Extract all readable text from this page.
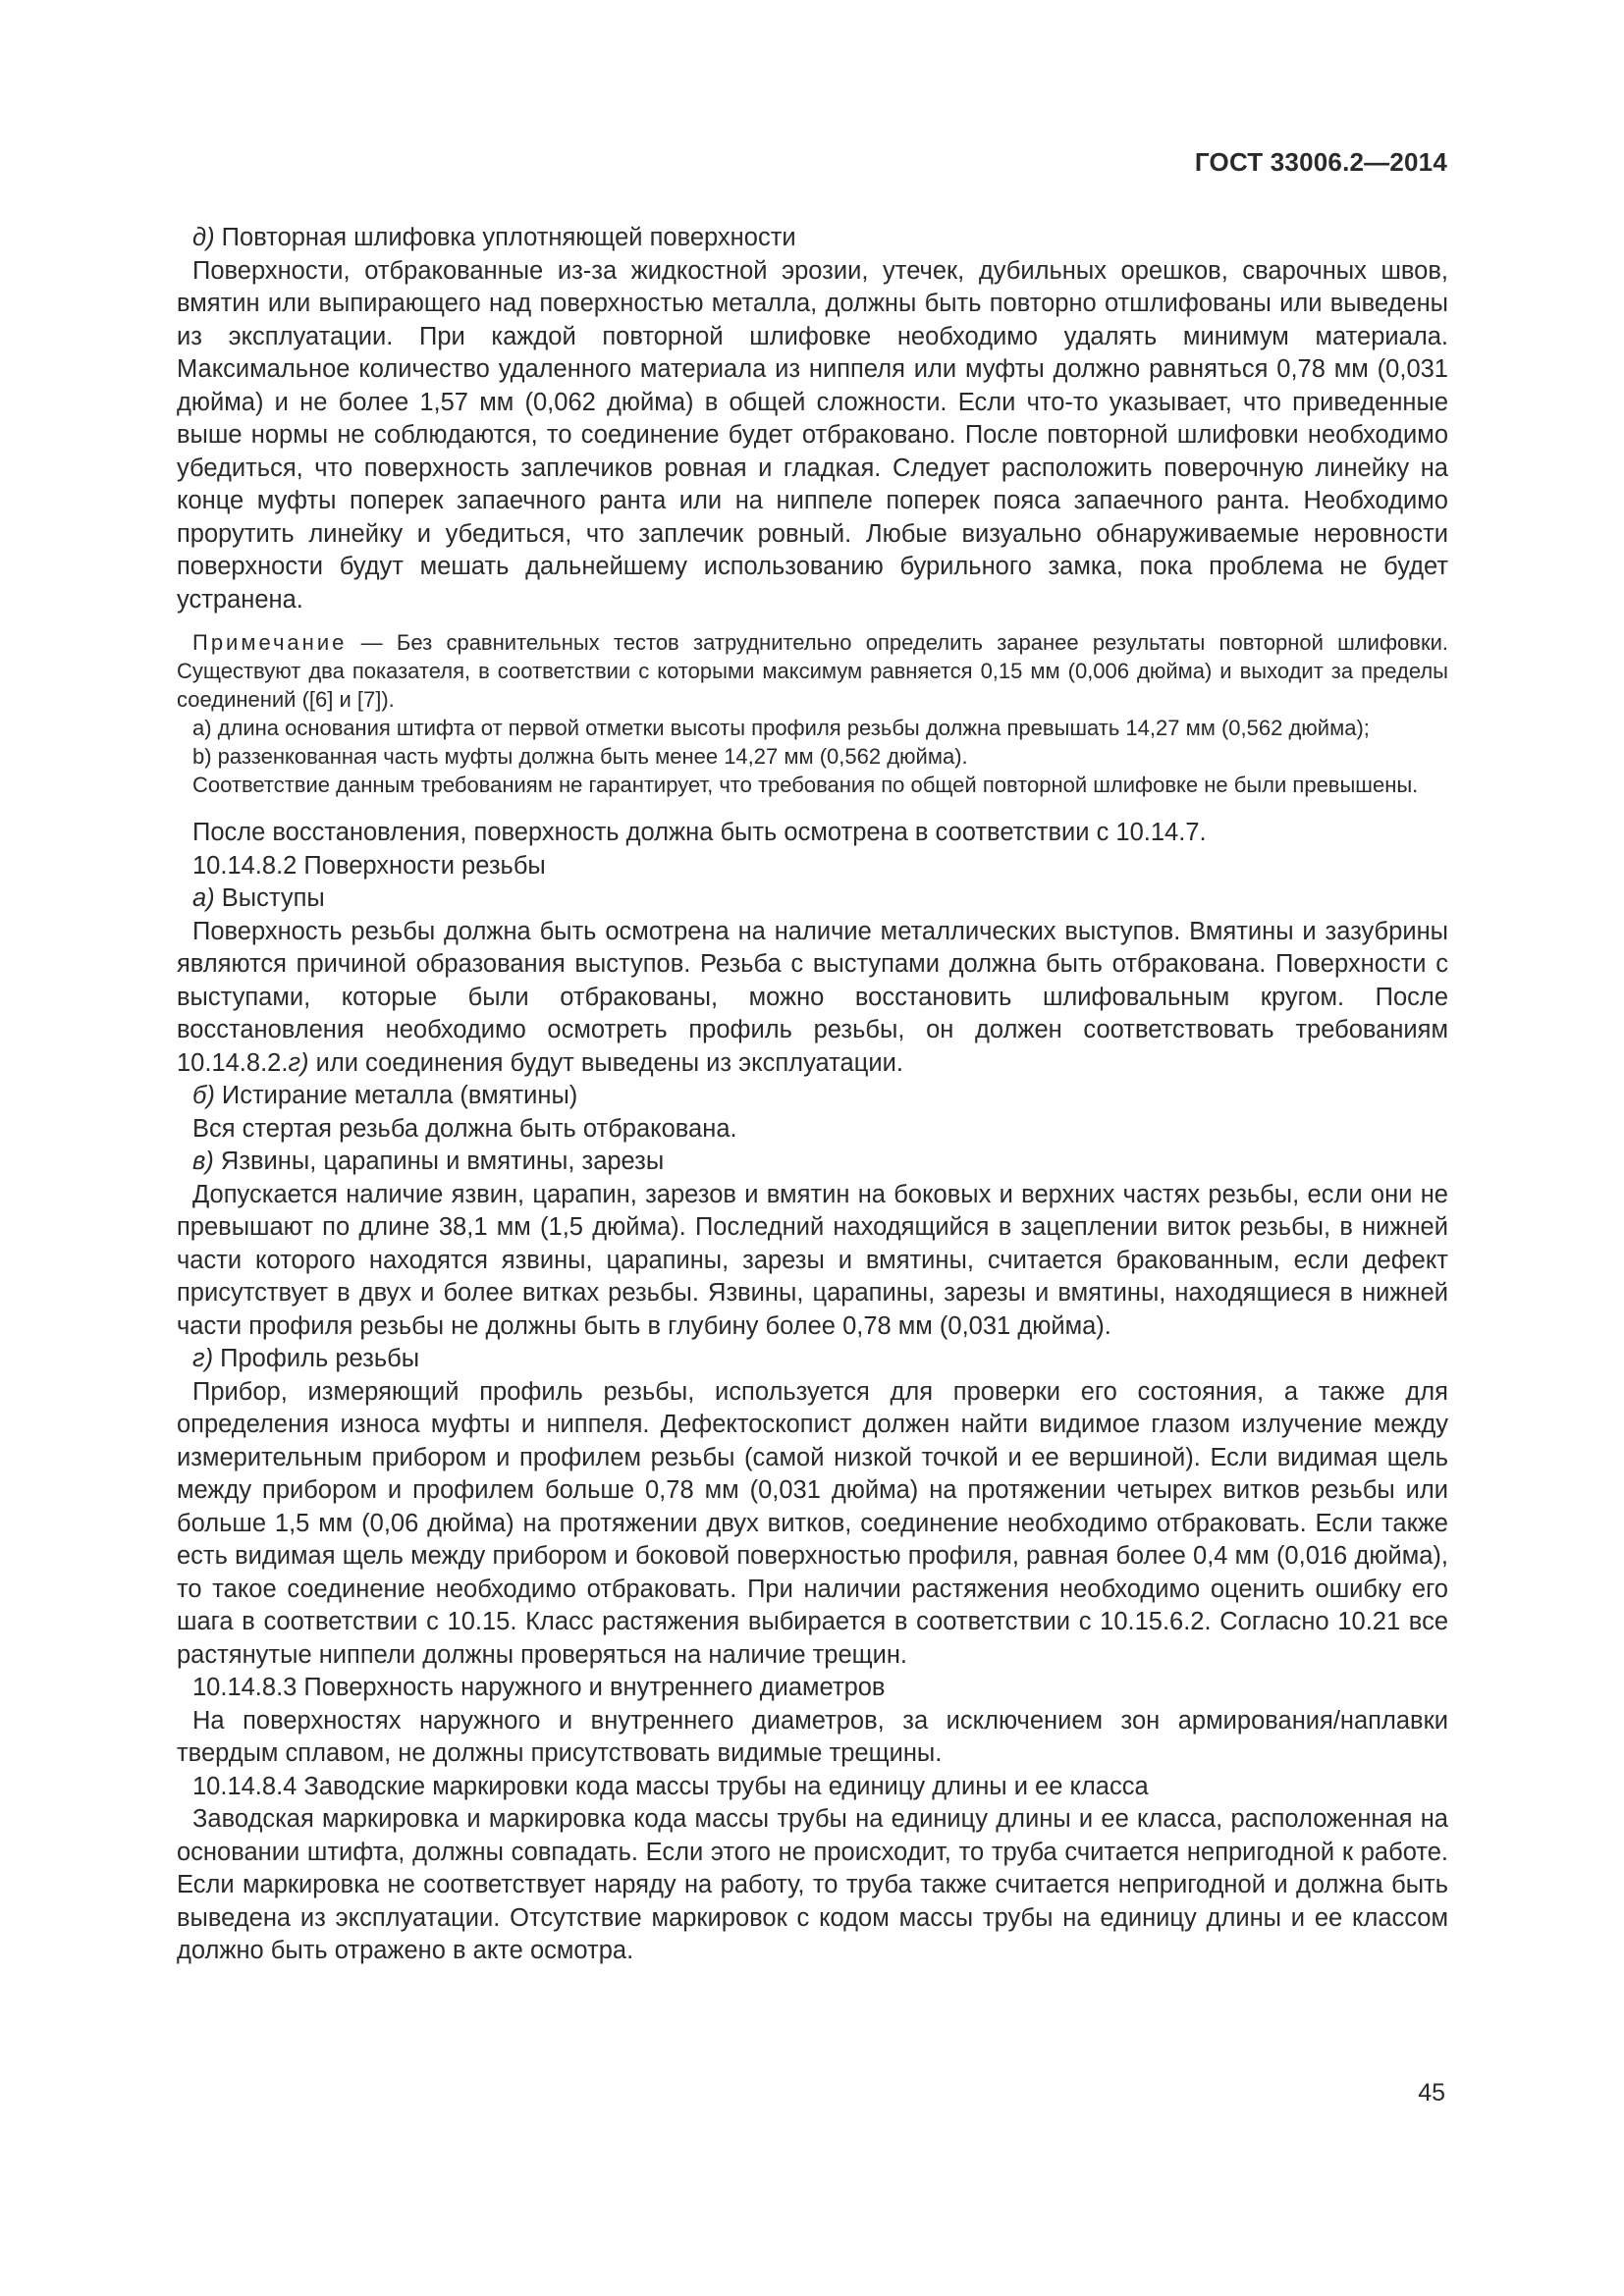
ГОСТ 33006.2—2014

д) Повторная шлифовка уплотняющей поверхности

Поверхности, отбракованные из-за жидкостной эрозии, утечек, дубильных орешков, сварочных швов, вмятин или выпирающего над поверхностью металла, должны быть повторно отшлифованы или выведены из эксплуатации. При каждой повторной шлифовке необходимо удалять минимум материала. Максимальное количество удаленного материала из ниппеля или муфты должно равняться 0,78 мм (0,031 дюйма) и не более 1,57 мм (0,062 дюйма) в общей сложности. Если что-то указывает, что приведенные выше нормы не соблюдаются, то соединение будет отбраковано. После повторной шлифовки необходимо убедиться, что поверхность заплечиков ровная и гладкая. Следует расположить поверочную линейку на конце муфты поперек запаечного ранта или на ниппеле поперек пояса запаечного ранта. Необходимо прорутить линейку и убедиться, что заплечик ровный. Любые визуально обнаруживаемые неровности поверхности будут мешать дальнейшему использованию бурильного замка, пока проблема не будет устранена.

Примечание — Без сравнительных тестов затруднительно определить заранее результаты повторной шлифовки. Существуют два показателя, в соответствии с которыми максимум равняется 0,15 мм (0,006 дюйма) и выходит за пределы соединений ([6] и [7]).

а) длина основания штифта от первой отметки высоты профиля резьбы должна превышать 14,27 мм (0,562 дюйма);

b) раззенкованная часть муфты должна быть менее 14,27 мм (0,562 дюйма).

Соответствие данным требованиям не гарантирует, что требования по общей повторной шлифовке не были превышены.

После восстановления, поверхность должна быть осмотрена в соответствии с 10.14.7.

10.14.8.2 Поверхности резьбы

а) Выступы

Поверхность резьбы должна быть осмотрена на наличие металлических выступов. Вмятины и зазубрины являются причиной образования выступов. Резьба с выступами должна быть отбракована. Поверхности с выступами, которые были отбракованы, можно восстановить шлифовальным кругом. После восстановления необходимо осмотреть профиль резьбы, он должен соответствовать требованиям 10.14.8.2.г) или соединения будут выведены из эксплуатации.

б) Истирание металла (вмятины)

Вся стертая резьба должна быть отбракована.

в) Язвины, царапины и вмятины, зарезы

Допускается наличие язвин, царапин, зарезов и вмятин на боковых и верхних частях резьбы, если они не превышают по длине 38,1 мм (1,5 дюйма). Последний находящийся в зацеплении виток резьбы, в нижней части которого находятся язвины, царапины, зарезы и вмятины, считается бракованным, если дефект присутствует в двух и более витках резьбы. Язвины, царапины, зарезы и вмятины, находящиеся в нижней части профиля резьбы не должны быть в глубину более 0,78 мм (0,031 дюйма).

г) Профиль резьбы

Прибор, измеряющий профиль резьбы, используется для проверки его состояния, а также для определения износа муфты и ниппеля. Дефектоскопист должен найти видимое глазом излучение между измерительным прибором и профилем резьбы (самой низкой точкой и ее вершиной). Если видимая щель между прибором и профилем больше 0,78 мм (0,031 дюйма) на протяжении четырех витков резьбы или больше 1,5 мм (0,06 дюйма) на протяжении двух витков, соединение необходимо отбраковать. Если также есть видимая щель между прибором и боковой поверхностью профиля, равная более 0,4 мм (0,016 дюйма), то такое соединение необходимо отбраковать. При наличии растяжения необходимо оценить ошибку его шага в соответствии с 10.15. Класс растяжения выбирается в соответствии с 10.15.6.2. Согласно 10.21 все растянутые ниппели должны проверяться на наличие трещин.

10.14.8.3 Поверхность наружного и внутреннего диаметров

На поверхностях наружного и внутреннего диаметров, за исключением зон армирования/наплавки твердым сплавом, не должны присутствовать видимые трещины.

10.14.8.4 Заводские маркировки кода массы трубы на единицу длины и ее класса

Заводская маркировка и маркировка кода массы трубы на единицу длины и ее класса, расположенная на основании штифта, должны совпадать. Если этого не происходит, то труба считается непригодной к работе. Если маркировка не соответствует наряду на работу, то труба также считается непригодной и должна быть выведена из эксплуатации. Отсутствие маркировок с кодом массы трубы на единицу длины и ее классом должно быть отражено в акте осмотра.

45
